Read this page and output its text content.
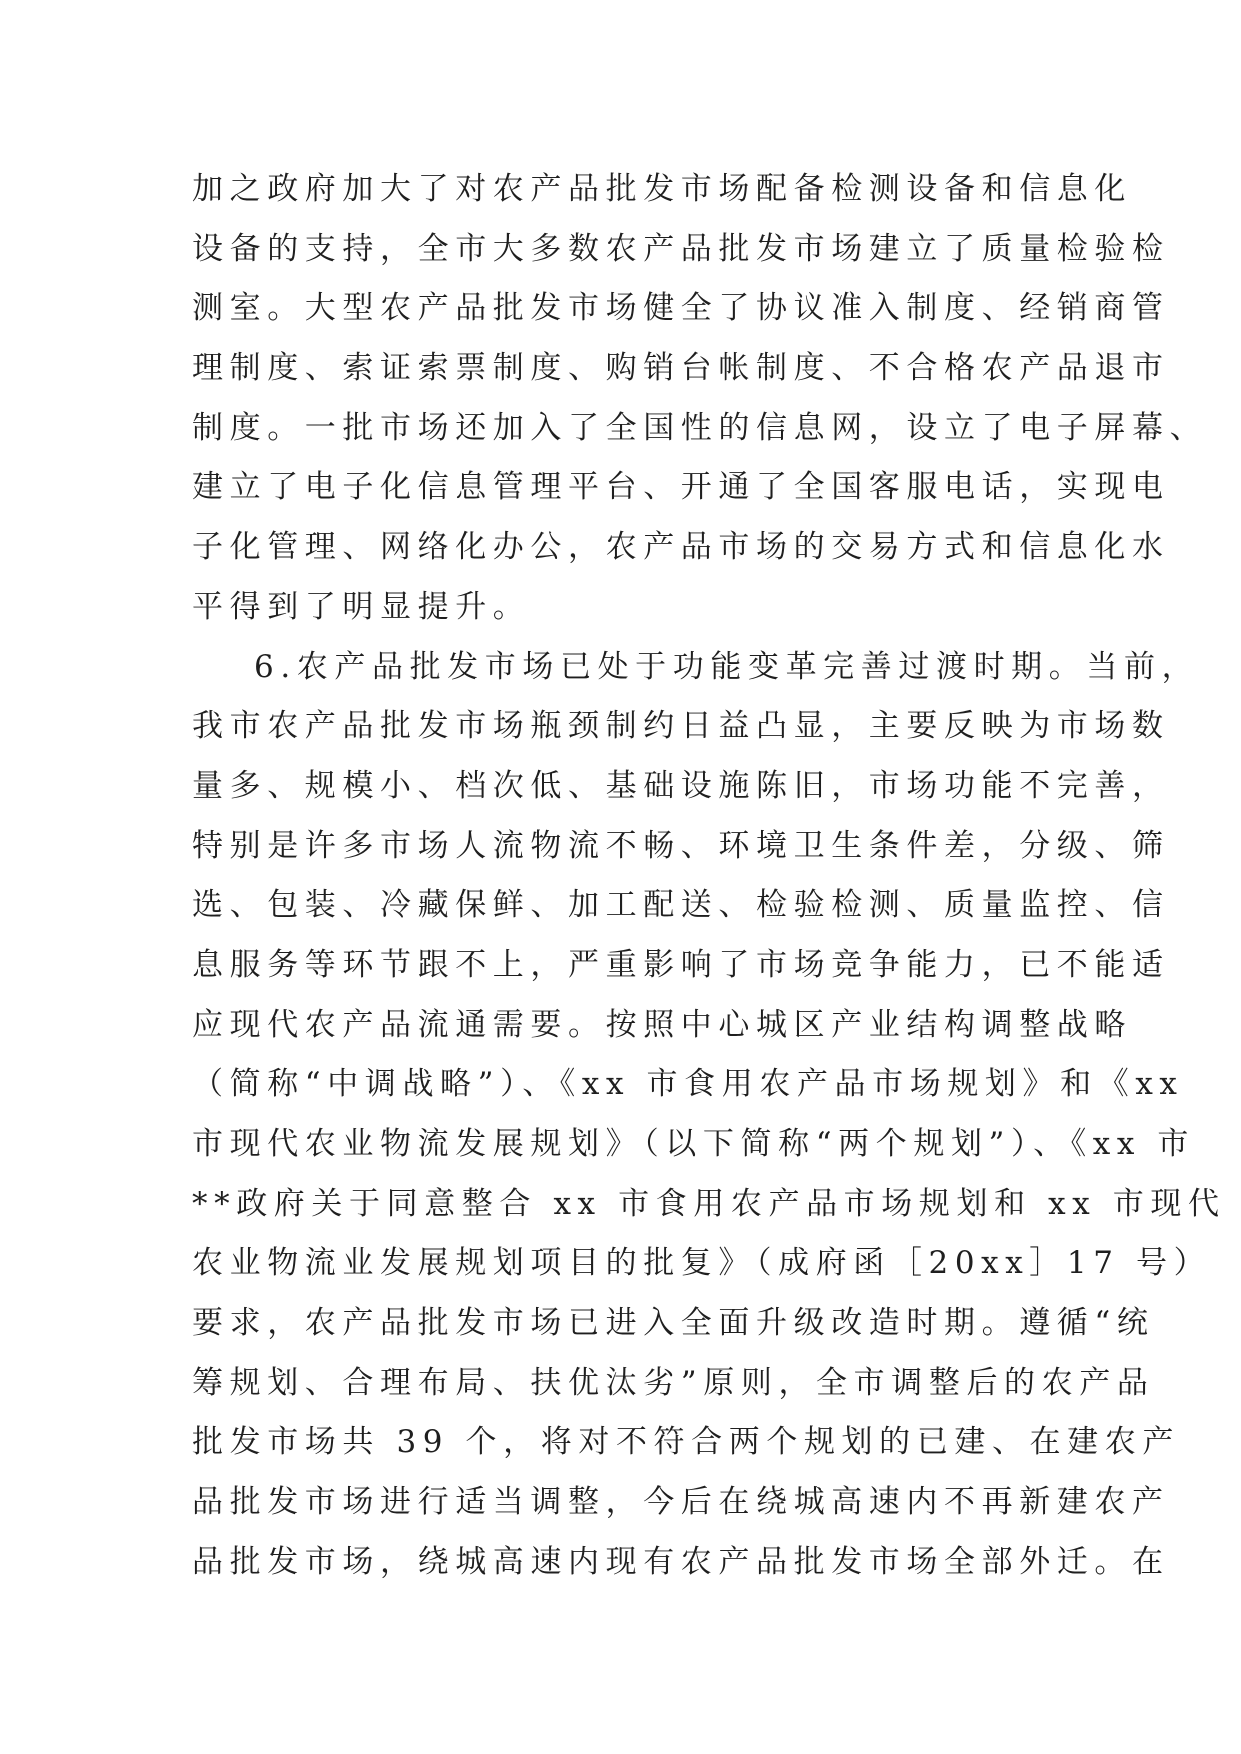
加之政府加大了对农产品批发市场配备检测设备和信息化
设备的支持，全市大多数农产品批发市场建立了质量检验检
测室。大型农产品批发市场健全了协议准入制度、经销商管
理制度、索证索票制度、购销台帐制度、不合格农产品退市
制度。一批市场还加入了全国性的信息网，设立了电子屏幕、
建立了电子化信息管理平台、开通了全国客服电话，实现电
子化管理、网络化办公，农产品市场的交易方式和信息化水
平得到了明显提升。
6.农产品批发市场已处于功能变革完善过渡时期。当前，
我市农产品批发市场瓶颈制约日益凸显，主要反映为市场数
量多、规模小、档次低、基础设施陈旧，市场功能不完善，
特别是许多市场人流物流不畅、环境卫生条件差，分级、筛
选、包装、冷藏保鲜、加工配送、检验检测、质量监控、信
息服务等环节跟不上，严重影响了市场竞争能力，已不能适
应现代农产品流通需要。按照中心城区产业结构调整战略
（简称“中调战略”）、《xx 市食用农产品市场规划》和《xx
市现代农业物流发展规划》（以下简称“两个规划”）、《xx 市
**政府关于同意整合 xx 市食用农产品市场规划和 xx 市现代
农业物流业发展规划项目的批复》（成府函［20xx］17 号）
要求，农产品批发市场已进入全面升级改造时期。遵循“统
筹规划、合理布局、扶优汰劣”原则，全市调整后的农产品
批发市场共 39 个，将对不符合两个规划的已建、在建农产
品批发市场进行适当调整，今后在绕城高速内不再新建农产
品批发市场，绕城高速内现有农产品批发市场全部外迁。在
